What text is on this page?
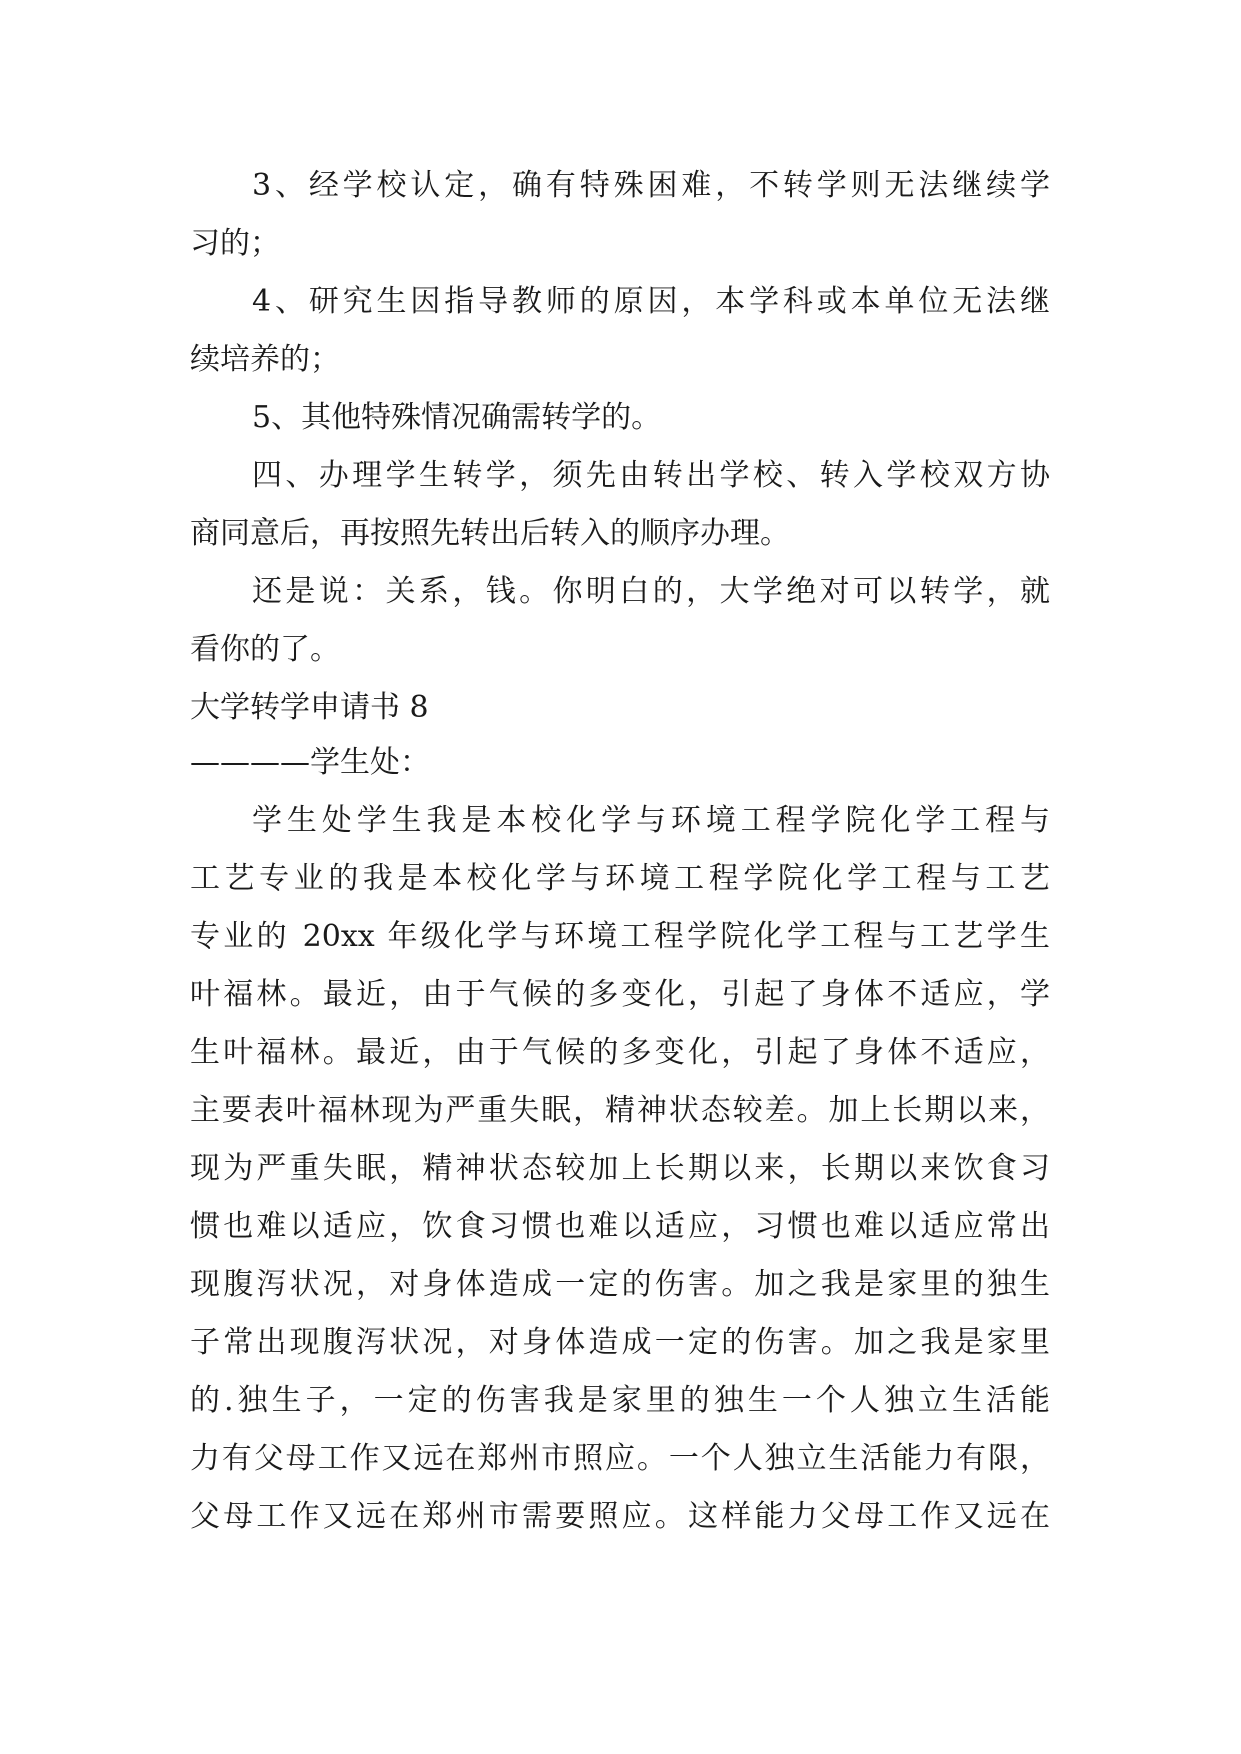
3、经学校认定，确有特殊困难，不转学则无法继续学
习的；
4、研究生因指导教师的原因，本学科或本单位无法继
续培养的；
5、其他特殊情况确需转学的。
四、办理学生转学，须先由转出学校、转入学校双方协
商同意后，再按照先转出后转入的顺序办理。
还是说：关系，钱。你明白的，大学绝对可以转学，就
看你的了。
大学转学申请书 8
————学生处：
学生处学生我是本校化学与环境工程学院化学工程与
工艺专业的我是本校化学与环境工程学院化学工程与工艺
专业的 20xx 年级化学与环境工程学院化学工程与工艺学生
叶福林。最近，由于气候的多变化，引起了身体不适应，学
生叶福林。最近，由于气候的多变化，引起了身体不适应，
主要表叶福林现为严重失眠，精神状态较差。加上长期以来，
现为严重失眠，精神状态较加上长期以来，长期以来饮食习
惯也难以适应，饮食习惯也难以适应，习惯也难以适应常出
现腹泻状况，对身体造成一定的伤害。加之我是家里的独生
子常出现腹泻状况，对身体造成一定的伤害。加之我是家里
的.独生子，一定的伤害我是家里的独生一个人独立生活能
力有父母工作又远在郑州市照应。一个人独立生活能力有限，
父母工作又远在郑州市需要照应。这样能力父母工作又远在
